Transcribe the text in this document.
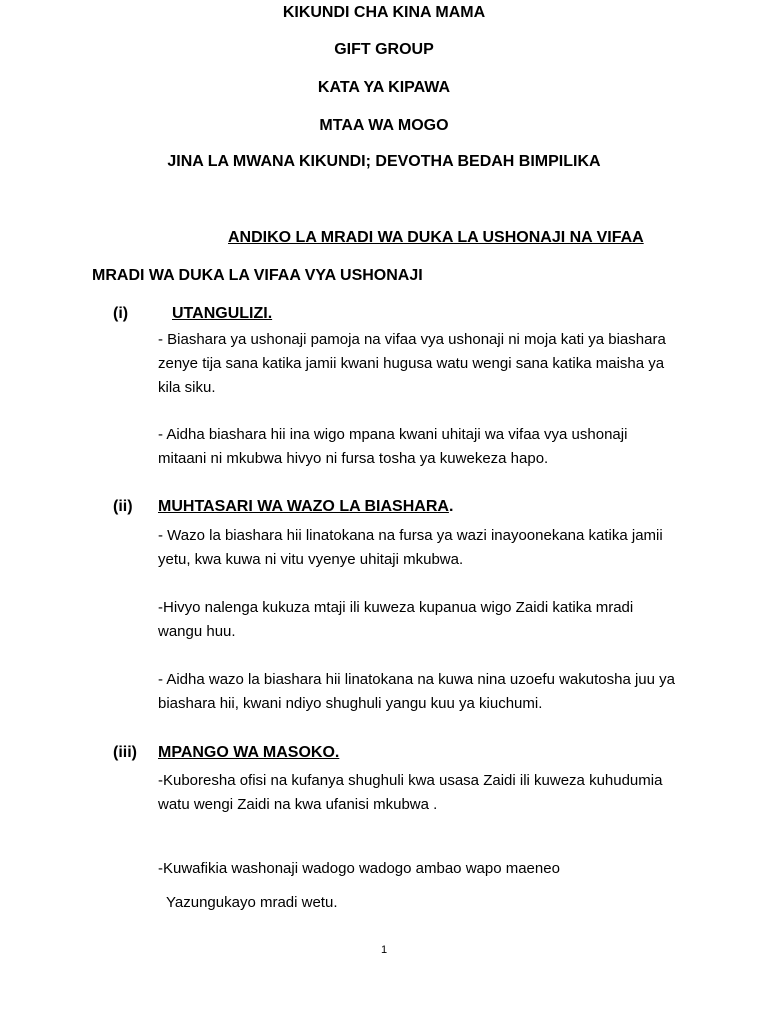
KIKUNDI CHA KINA MAMA
GIFT GROUP
KATA YA KIPAWA
MTAA WA MOGO
JINA LA MWANA KIKUNDI; DEVOTHA BEDAH BIMPILIKA
ANDIKO LA MRADI WA DUKA LA USHONAJI NA VIFAA
MRADI WA DUKA LA VIFAA VYA USHONAJI
(i)	UTANGULIZI.
- Biashara ya ushonaji pamoja na vifaa vya ushonaji ni moja kati ya biashara zenye tija sana katika jamii kwani hugusa watu wengi sana katika maisha ya kila siku.
- Aidha biashara hii ina wigo mpana kwani uhitaji wa vifaa vya ushonaji mitaani ni mkubwa hivyo ni fursa tosha ya kuwekeza hapo.
(ii) MUHTASARI WA WAZO LA BIASHARA.
- Wazo la biashara hii linatokana na fursa ya wazi inayoonekana katika jamii yetu, kwa kuwa ni vitu vyenye uhitaji mkubwa.
-Hivyo nalenga kukuza mtaji ili kuweza kupanua wigo Zaidi katika mradi wangu huu.
- Aidha wazo la biashara hii linatokana na kuwa nina uzoefu wakutosha juu ya biashara hii, kwani ndiyo shughuli yangu kuu ya kiuchumi.
(iii) MPANGO WA MASOKO.
-Kuboresha ofisi na kufanya shughuli kwa usasa Zaidi ili kuweza kuhudumia watu wengi Zaidi na kwa ufanisi mkubwa .
-Kuwafikia washonaji wadogo wadogo ambao wapo maeneo
Yazungukayo mradi wetu.
1
